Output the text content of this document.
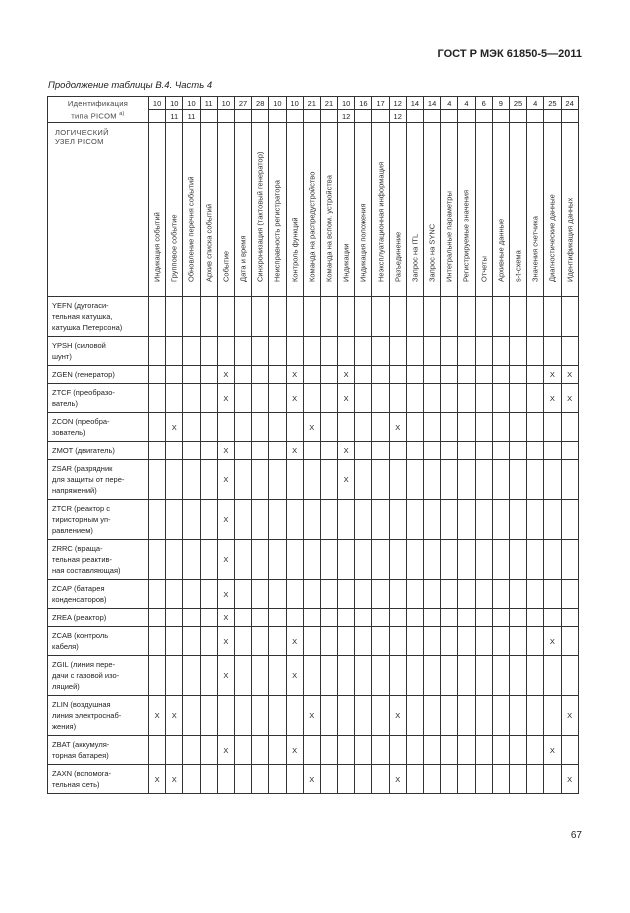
ГОСТ Р МЭК 61850-5—2011
Продолжение таблицы В.4. Часть 4
Идентификация
типа PICOM $^{a)}$	10	10	10	11	10	27	28	10	10	21	21	10	16	17	12	14	14	4	4	6	9	25	4	25	24
		11	11									12			12										

ЛОГИЧЕСКИЙ
УЗЕЛ PICOM	Индикация событий	Групповое событие	Обновление перечня событий	Архив списка событий	Событие	Дата и время	Синхронизация (тактовый генератор)	Неисправность регистратора	Контроль функций	Команда на распредустройство	Команда на вспом. устройства	Индикации	Индикация положения	Неэксплуатационная информация	Разъединение	Запрос на ITL	Запрос на SYNC	Интегральные параметры	Регистрируемые значения	Отчеты	Архивные данные	s-t-схема	Значения счетчика	Диагностические данные	Идентификация данных

YEFN (дугогаси-
тельная катушка,
катушка Петерсона)																									

YPSH (силовой
шунт)																									

ZGEN (генератор)					X				X			X												X	X

ZTCF (преобразо-
ватель)					X				X			X												X	X

ZCON (преобра-
зователь)		X								X					X										

ZMOT (двигатель)					X				X			X													

ZSAR (разрядник
для защиты от пере-
напряжений)					X							X													

ZTCR (реактор с
тиристорным уп-
равлением)					X																				

ZRRC (враща-
тельная реактив-
ная составляющая)					X																				

ZCAP (батарея
конденсаторов)					X																				

ZREA (реактор)					X																				

ZCAB (контроль
кабеля)					X				X															X	

ZGIL (линия пере-
дачи с газовой изо-
ляцией)					X				X																

ZLIN (воздушная
линия электроснаб-
жения)	X	X								X					X										X

ZBAT (аккумуля-
торная батарея)					X				X															X	

ZAXN (вспомога-
тельная сеть)	X	X								X					X										X
67
